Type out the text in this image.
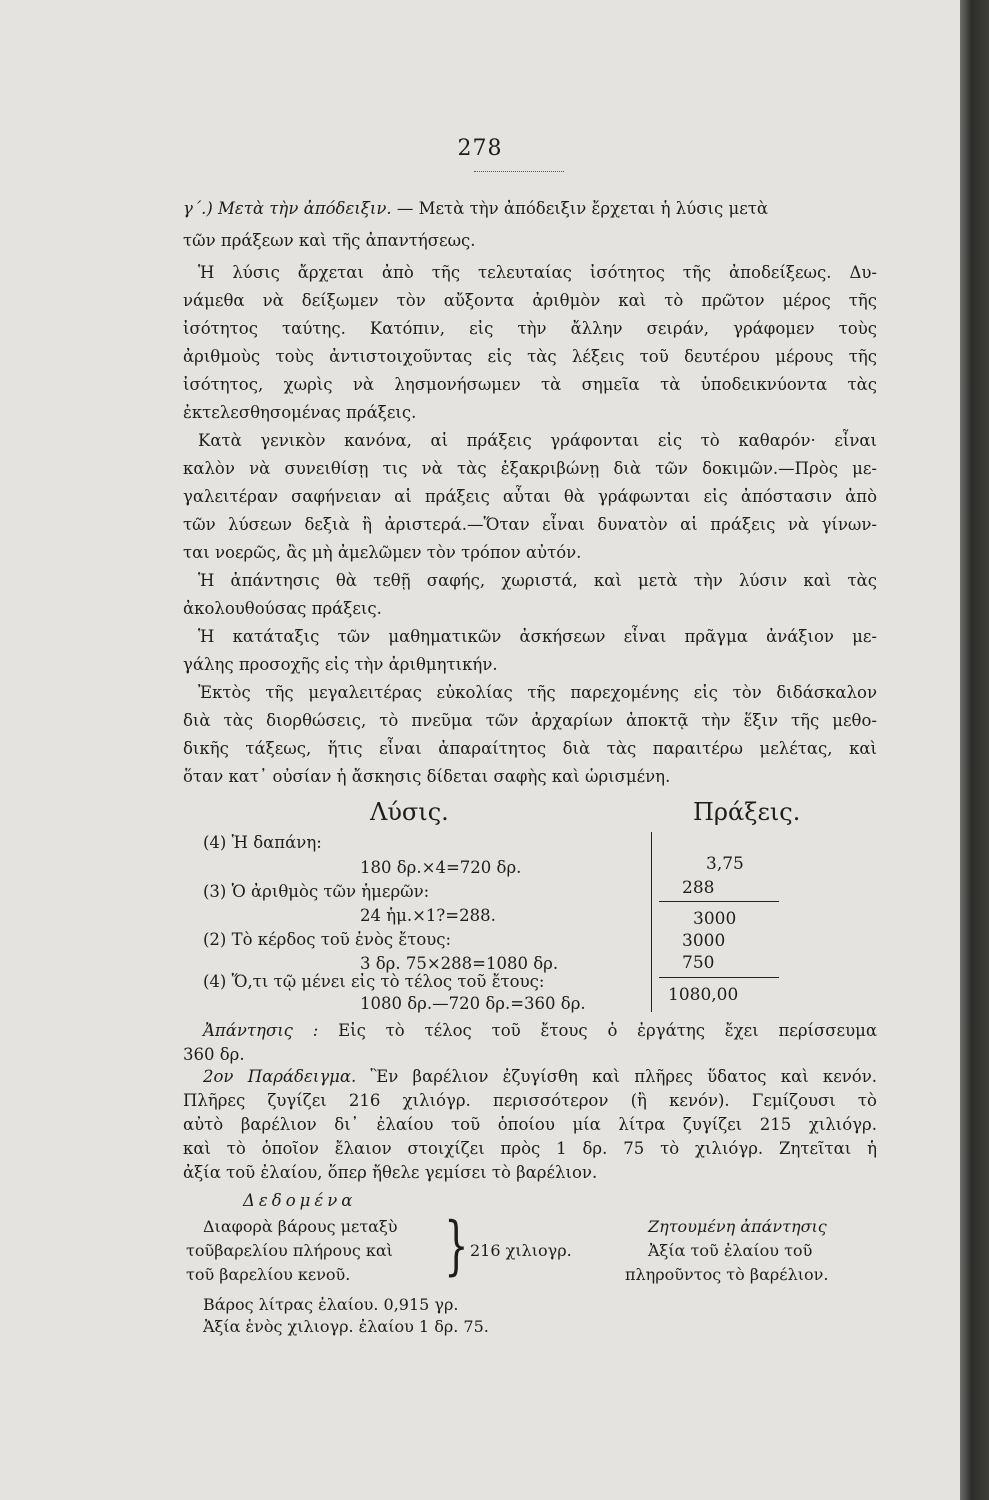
278
γ΄.) Μετὰ τὴν ἀπόδειξιν. — Μετὰ τὴν ἀπόδειξιν ἔρχεται ἡ λύσις μετὰ
τῶν πράξεων καὶ τῆς ἀπαντήσεως.
Ἡ λύσις ἄρχεται ἀπὸ τῆς τελευταίας ἰσότητος τῆς ἀποδείξεως. Δυ-
νάμεθα νὰ δείξωμεν τὸν αὔξοντα ἀριθμὸν καὶ τὸ πρῶτον μέρος τῆς
ἰσότητος ταύτης. Κατόπιν, εἰς τὴν ἄλλην σειράν, γράφομεν τοὺς
ἀριθμοὺς τοὺς ἀντιστοιχοῦντας εἰς τὰς λέξεις τοῦ δευτέρου μέρους τῆς
ἰσότητος, χωρὶς νὰ λησμονήσωμεν τὰ σημεῖα τὰ ὑποδεικνύοντα τὰς
ἐκτελεσθησομένας πράξεις.
Κατὰ γενικὸν κανόνα, αἱ πράξεις γράφονται εἰς τὸ καθαρόν· εἶναι
καλὸν νὰ συνειθίσῃ τις νὰ τὰς ἐξακριβώνῃ διὰ τῶν δοκιμῶν.—Πρὸς με-
γαλειτέραν σαφήνειαν αἱ πράξεις αὗται θὰ γράφωνται εἰς ἀπόστασιν ἀπὸ
τῶν λύσεων δεξιὰ ἢ ἀριστερά.—Ὅταν εἶναι δυνατὸν αἱ πράξεις νὰ γίνων-
ται νοερῶς, ἂς μὴ ἀμελῶμεν τὸν τρόπον αὐτόν.
Ἡ ἀπάντησις θὰ τεθῇ σαφής, χωριστά, καὶ μετὰ τὴν λύσιν καὶ τὰς
ἀκολουθούσας πράξεις.
Ἡ κατάταξις τῶν μαθηματικῶν ἀσκήσεων εἶναι πρᾶγμα ἀνάξιον με-
γάλης προσοχῆς εἰς τὴν ἀριθμητικήν.
Ἐκτὸς τῆς μεγαλειτέρας εὐκολίας τῆς παρεχομένης εἰς τὸν διδάσκαλον
διὰ τὰς διορθώσεις, τὸ πνεῦμα τῶν ἀρχαρίων ἀποκτᾷ τὴν ἕξιν τῆς μεθο-
δικῆς τάξεως, ἥτις εἶναι ἀπαραίτητος διὰ τὰς παραιτέρω μελέτας, καὶ
ὅταν κατ᾽ οὐσίαν ἡ ἄσκησις δίδεται σαφὴς καὶ ὡρισμένη.
Λύσις.	Πράξεις.
(4) Ἡ δαπάνη:
180 δρ.×4=720 δρ.
(3) Ὁ ἀριθμὸς τῶν ἡμερῶν:
24 ἡμ.×1?=288.
(2) Τὸ κέρδος τοῦ ἑνὸς ἔτους:
3 δρ. 75×288=1080 δρ.
(4) Ὅ,τι τῷ μένει εἰς τὸ τέλος τοῦ ἔτους:
1080 δρ.—720 δρ.=360 δρ.
3,75
288
3000
3000
750
1080,00
Ἀπάντησις : Εἰς τὸ τέλος τοῦ ἔτους ὁ ἐργάτης ἔχει περίσσευμα
360 δρ.
2ον Παράδειγμα. Ἓν βαρέλιον ἐζυγίσθη καὶ πλῆρες ὕδατος καὶ κενόν.
Πλῆρες ζυγίζει 216 χιλιόγρ. περισσότερον (ἢ κενόν). Γεμίζουσι τὸ
αὐτὸ βαρέλιον δι᾽ ἐλαίου τοῦ ὁποίου μία λίτρα ζυγίζει 215 χιλιόγρ.
καὶ τὸ ὁποῖον ἔλαιον στοιχίζει πρὸς 1 δρ. 75 τὸ χιλιόγρ. Ζητεῖται ἡ
ἀξία τοῦ ἐλαίου, ὅπερ ἤθελε γεμίσει τὸ βαρέλιον.
Δεδομένα
Διαφορὰ βάρους μεταξὺ
τοῦβαρελίου πλήρους καὶ
τοῦ βαρελίου κενοῦ. } 216 χιλιογρ.
Βάρος λίτρας ἐλαίου. 0,915 γρ.
Ἀξία ἑνὸς χιλιογρ. ἐλαίου 1 δρ. 75.
Ζητουμένη ἀπάντησις
Ἀξία τοῦ ἐλαίου τοῦ
πληροῦντος τὸ βαρέλιον.
